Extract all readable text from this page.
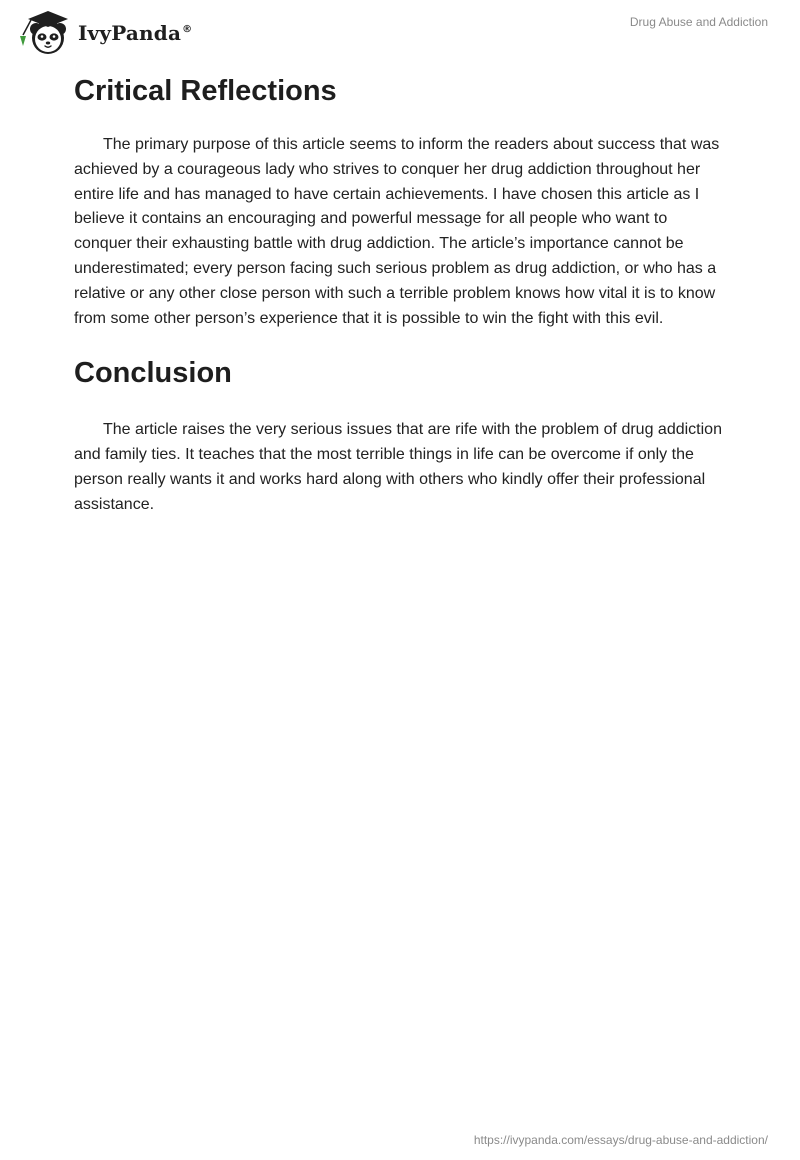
IvyPanda®
Drug Abuse and Addiction
Critical Reflections

The primary purpose of this article seems to inform the readers about success that was achieved by a courageous lady who strives to conquer her drug addiction throughout her entire life and has managed to have certain achievements. I have chosen this article as I believe it contains an encouraging and powerful message for all people who want to conquer their exhausting battle with drug addiction. The article’s importance cannot be underestimated; every person facing such serious problem as drug addiction, or who has a relative or any other close person with such a terrible problem knows how vital it is to know from some other person’s experience that it is possible to win the fight with this evil.

Conclusion

The article raises the very serious issues that are rife with the problem of drug addiction and family ties. It teaches that the most terrible things in life can be overcome if only the person really wants it and works hard along with others who kindly offer their professional assistance.

https://ivypanda.com/essays/drug-abuse-and-addiction/
